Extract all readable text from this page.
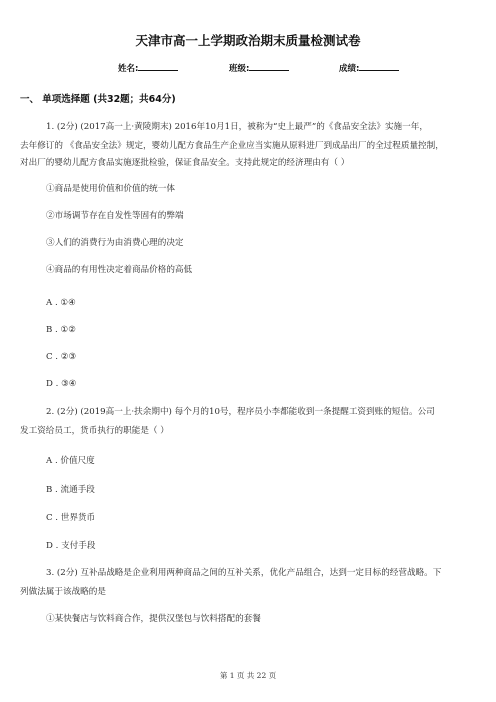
天津市高一上学期政治期末质量检测试卷
姓名:	班级:	成绩:
一、 单项选择题 (共32题；共64分)
1. (2分) (2017高一上·黄陵期末) 2016年10月1日，被称为“史上最严”的《食品安全法》实施一年，
去年修订的 《食品安全法》规定，婴幼儿配方食品生产企业应当实施从原料进厂到成品出厂的全过程质量控制，
对出厂的婴幼儿配方食品实施逐批检验，保证食品安全。支持此规定的经济理由有（ ）
①商品是使用价值和价值的统一体
②市场调节存在自发性等固有的弊端
③人们的消费行为由消费心理的决定
④商品的有用性决定着商品价格的高低
A . ①④
B . ①②
C . ②③
D . ③④
2. (2分) (2019高一上·扶余期中) 每个月的10号，程序员小李都能收到一条提醒工资到账的短信。公司
发工资给员工，货币执行的职能是（ ）
A . 价值尺度
B . 流通手段
C . 世界货币
D . 支付手段
3. (2分) 互补品战略是企业利用两种商品之间的互补关系，优化产品组合，达到一定目标的经营战略。下
列做法属于该战略的是
①某快餐店与饮料商合作，提供汉堡包与饮料搭配的套餐
第 1 页 共 22 页
